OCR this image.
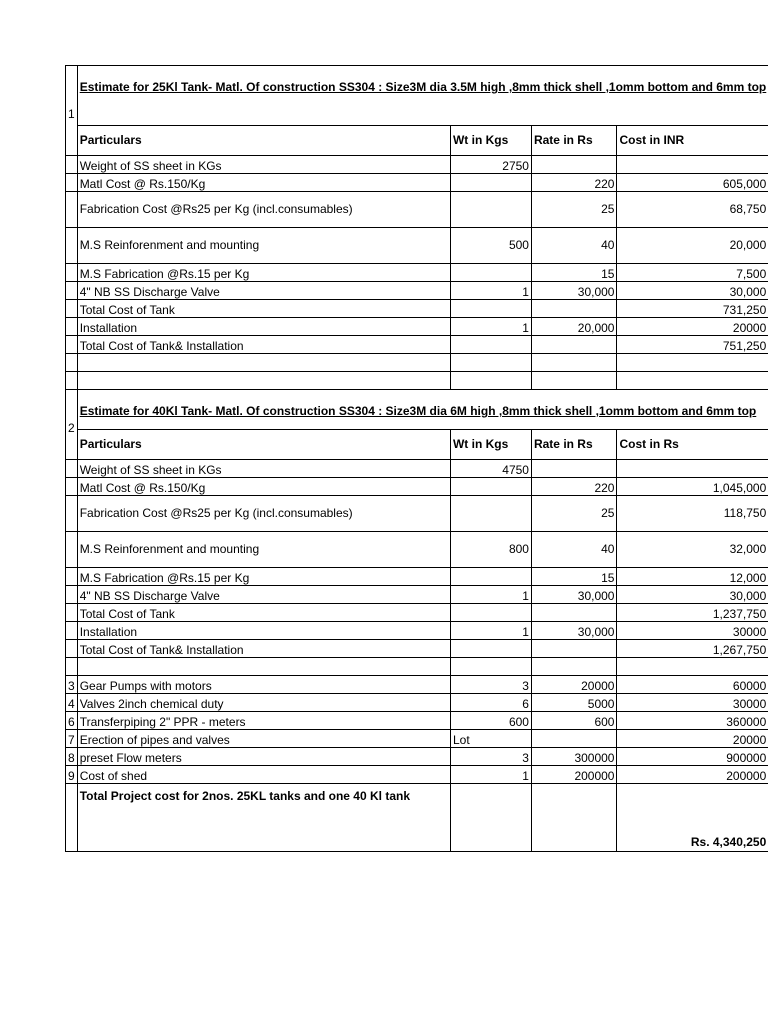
1	Estimate for 25Kl Tank- Matl. Of construction SS304 : Size3M dia 3.5M high ,8mm thick shell ,1omm bottom and 6mm top			
	Particulars	Wt in Kgs	Rate in Rs	Cost in INR
	Weight of SS sheet in KGs	2750		
	Matl Cost @ Rs.150/Kg		220	605,000
	Fabrication Cost @Rs25 per Kg (incl.consumables)		25	68,750
	M.S Reinforenment and mounting	500	40	20,000
	M.S Fabrication @Rs.15 per Kg		15	7,500
	4" NB SS Discharge Valve	1	30,000	30,000
	Total Cost of Tank			731,250
	Installation	1	20,000	20000
	Total Cost of Tank& Installation			751,250

2	Estimate for 40Kl Tank- Matl. Of construction SS304 : Size3M dia 6M high ,8mm thick shell ,1omm bottom and 6mm top			
	Particulars	Wt in Kgs	Rate in Rs	Cost in Rs
	Weight of SS sheet in KGs	4750		
	Matl Cost @ Rs.150/Kg		220	1,045,000
	Fabrication Cost @Rs25 per Kg (incl.consumables)		25	118,750
	M.S Reinforenment and mounting	800	40	32,000
	M.S Fabrication @Rs.15 per Kg		15	12,000
	4" NB SS Discharge Valve	1	30,000	30,000
	Total Cost of Tank			1,237,750
	Installation	1	30,000	30000
	Total Cost of Tank& Installation			1,267,750

3	Gear Pumps with motors	3	20000	60000
4	Valves 2inch chemical duty	6	5000	30000
6	Transferpiping 2" PPR - meters	600	600	360000
7	Erection of pipes and valves	Lot		20000
8	preset Flow meters	3	300000	900000
9	Cost of shed	1	200000	200000
	Total Project cost for 2nos. 25KL tanks and one 40 Kl tank			Rs. 4,340,250
